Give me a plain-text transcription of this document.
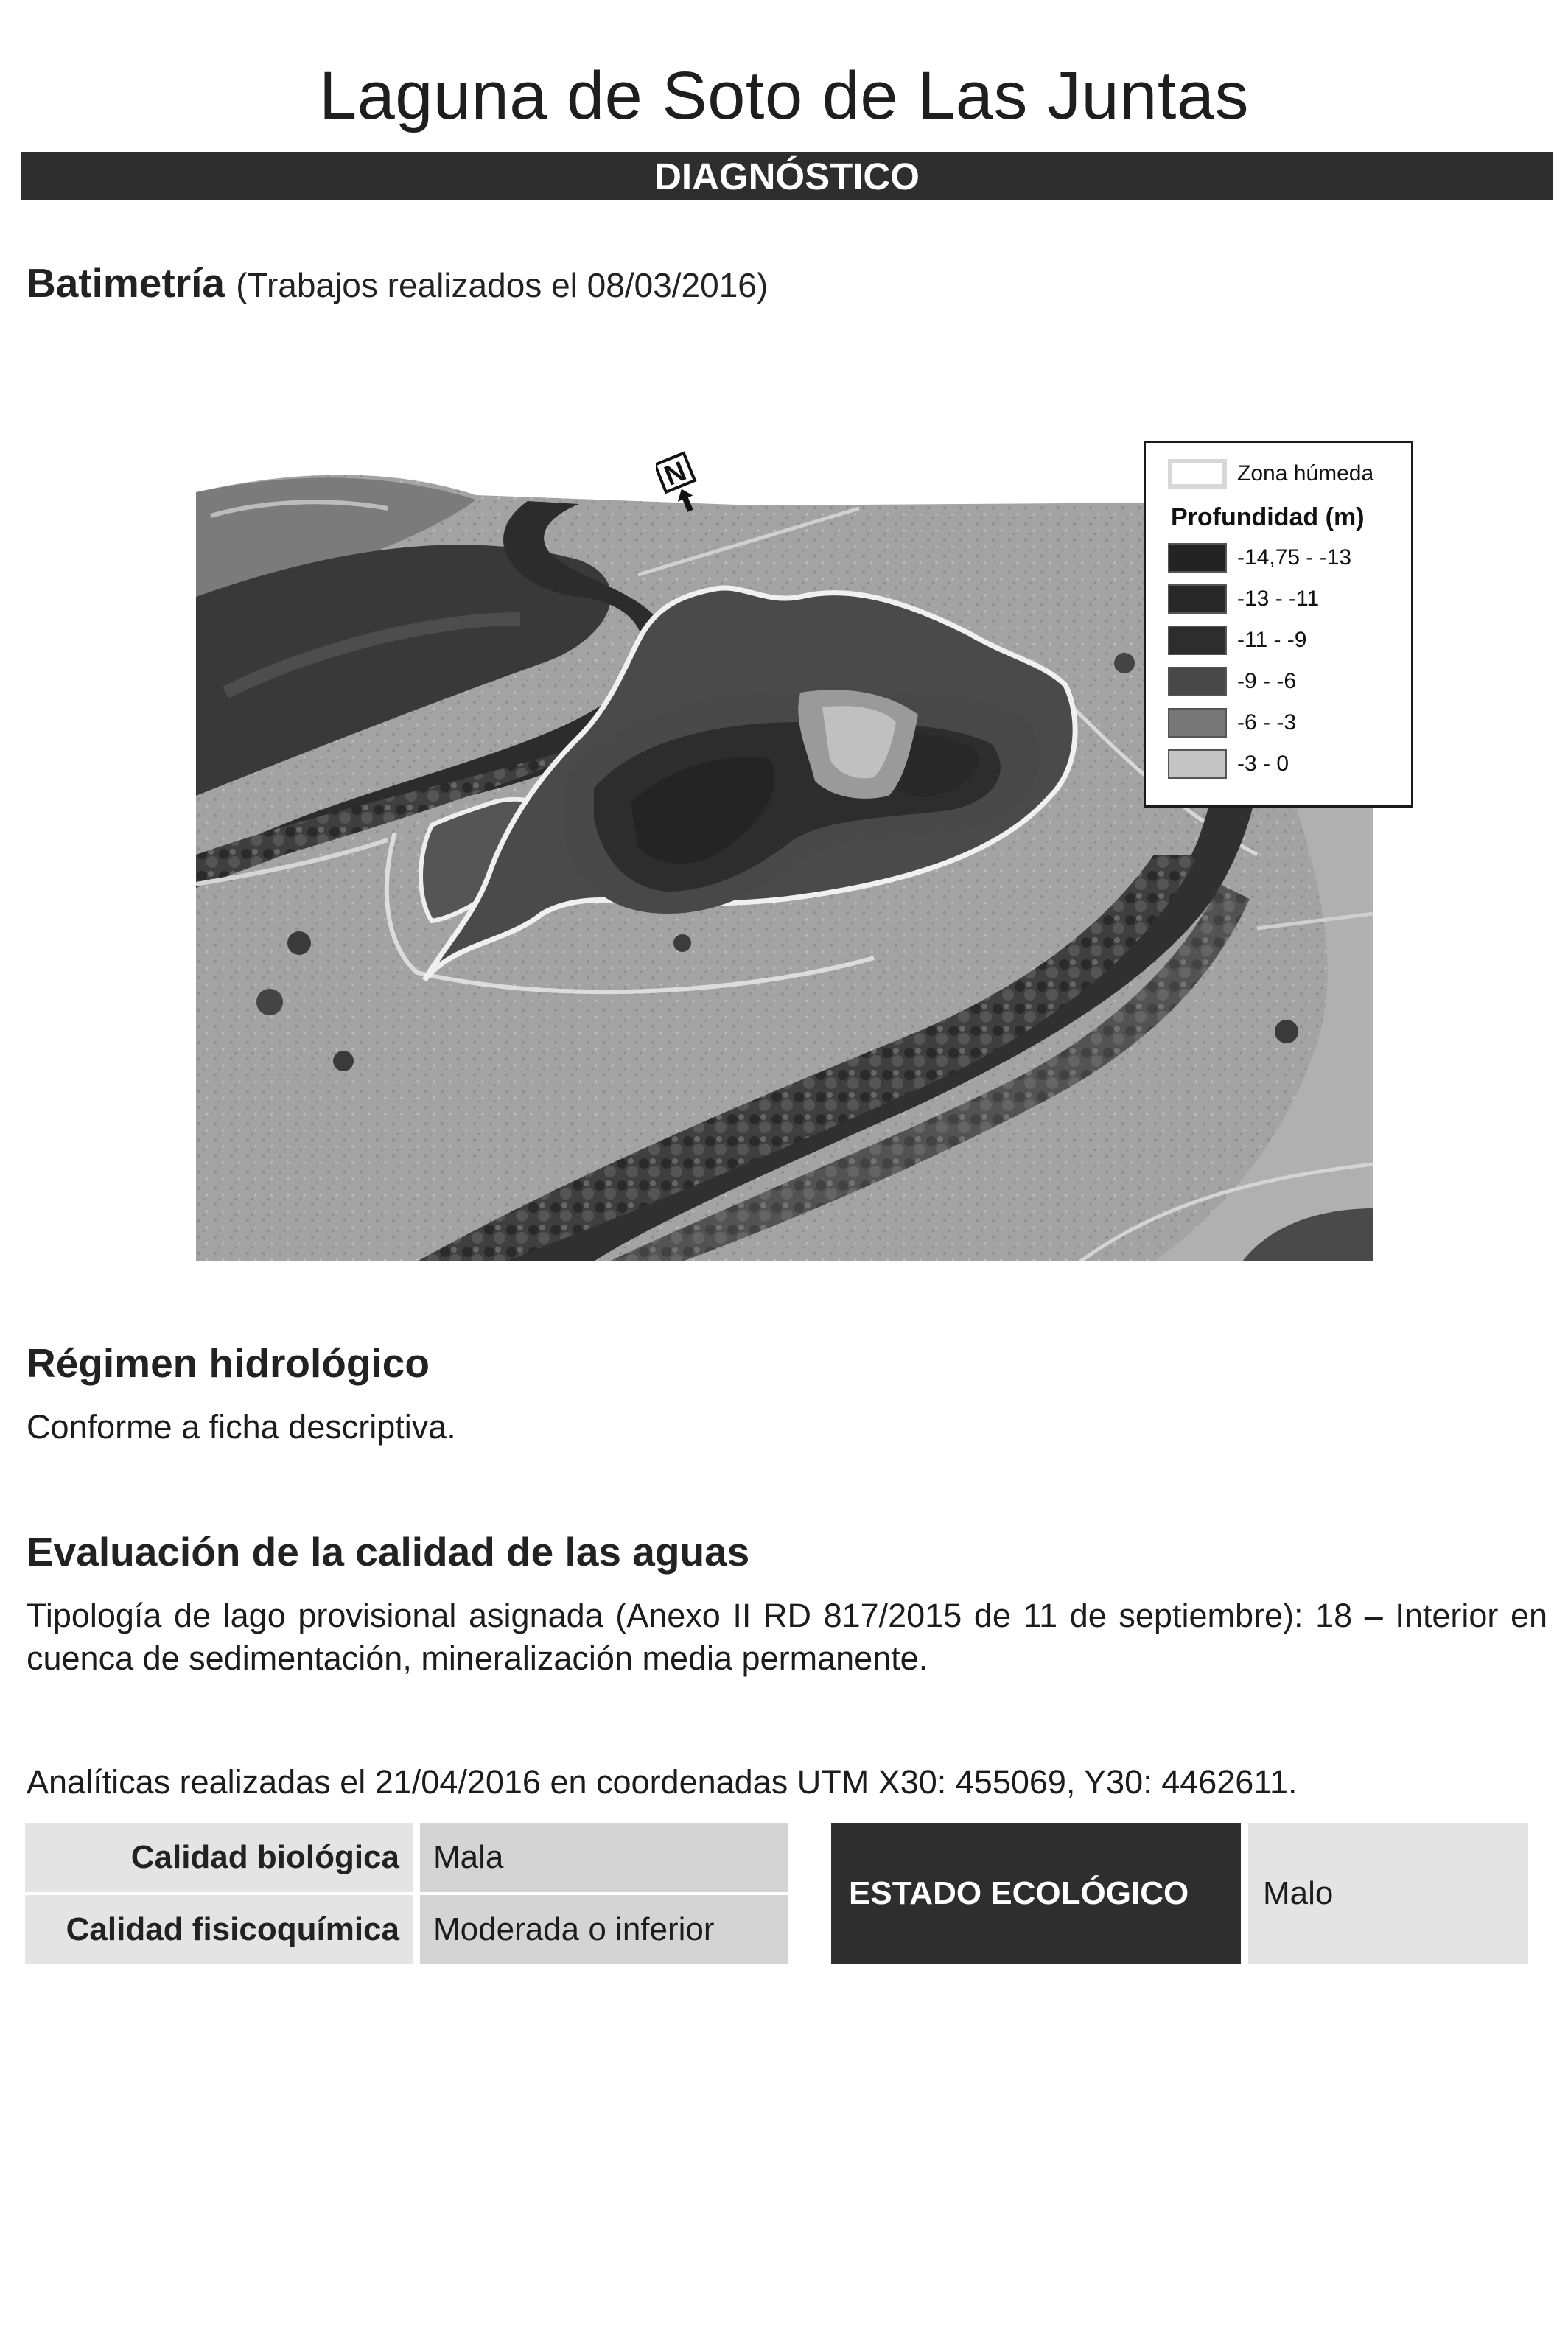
Laguna de Soto de Las Juntas
DIAGNÓSTICO
Batimetría (Trabajos realizados el 08/03/2016)
N	Zona húmeda
Profundidad (m)
-14,75 - -13
-13 - -11
-11 - -9
-9 - -6
-6 - -3
-3 - 0
Régimen hidrológico
Conforme a ficha descriptiva.
Evaluación de la calidad de las aguas
Tipología de lago provisional asignada (Anexo II RD 817/2015 de 11 de septiembre): 18 – Interior en cuenca de sedimentación, mineralización media permanente.
Analíticas realizadas el 21/04/2016 en coordenadas UTM X30: 455069, Y30: 4462611.
Calidad biológica
Calidad fisicoquímica
Mala
Moderada o inferior
ESTADO ECOLÓGICO	Malo
